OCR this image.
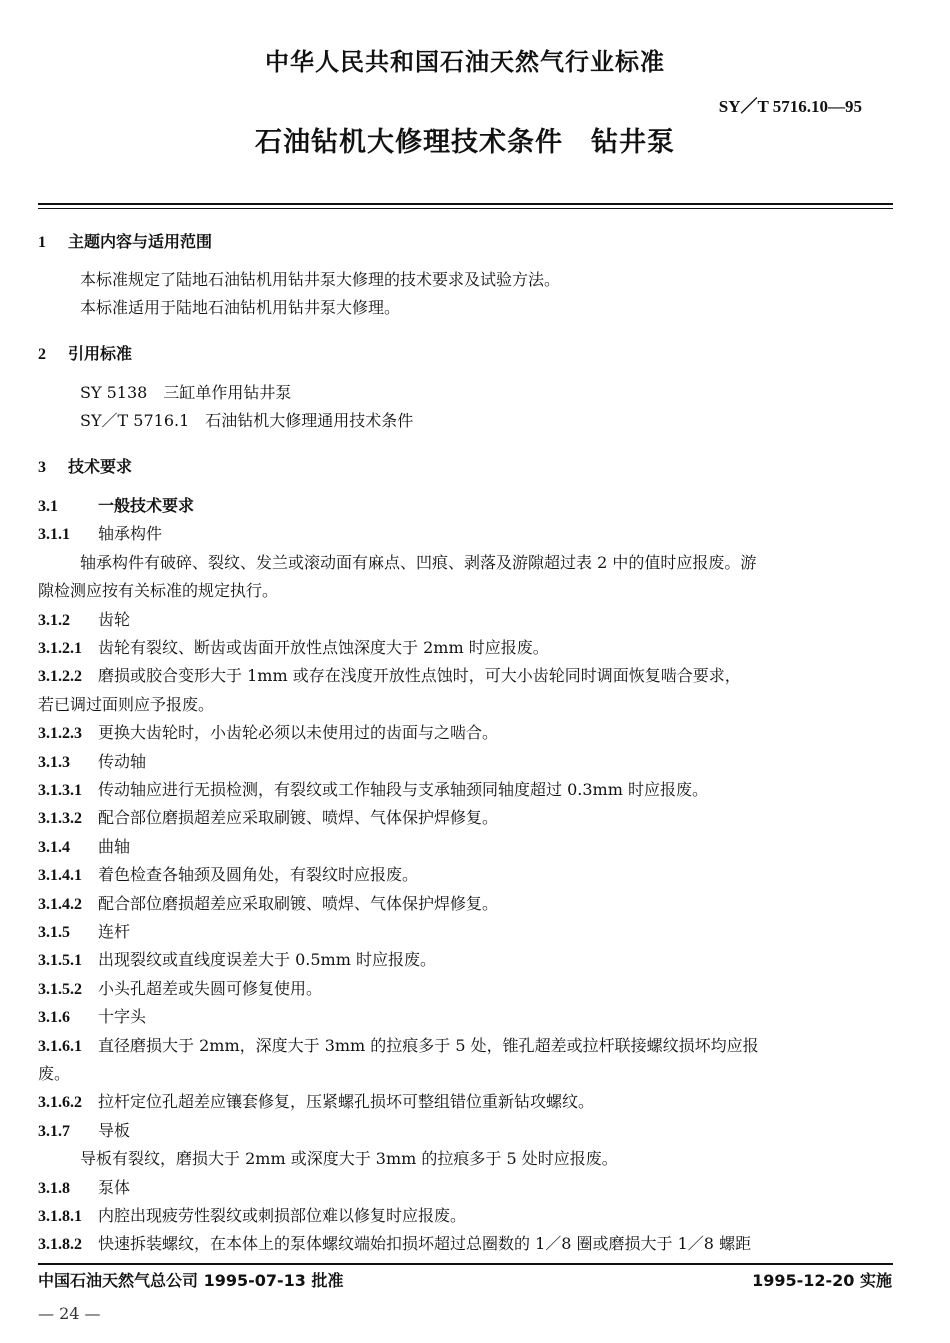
中华人民共和国石油天然气行业标准
SY／T 5716.10—95
石油钻机大修理技术条件　钻井泵
1 主题内容与适用范围
本标准规定了陆地石油钻机用钻井泵大修理的技术要求及试验方法。
本标准适用于陆地石油钻机用钻井泵大修理。
2 引用标准
SY 5138　三缸单作用钻井泵
SY／T 5716.1　石油钻机大修理通用技术条件
3 技术要求
3.1	一般技术要求
3.1.1 轴承构件
轴承构件有破碎、裂纹、发兰或滚动面有麻点、凹痕、剥落及游隙超过表 2 中的值时应报废。游
隙检测应按有关标准的规定执行。
3.1.2 齿轮
3.1.2.1 齿轮有裂纹、断齿或齿面开放性点蚀深度大于 2mm 时应报废。
3.1.2.2 磨损或胶合变形大于 1mm 或存在浅度开放性点蚀时，可大小齿轮同时调面恢复啮合要求，
若已调过面则应予报废。
3.1.2.3 更换大齿轮时，小齿轮必须以未使用过的齿面与之啮合。
3.1.3 传动轴
3.1.3.1 传动轴应进行无损检测，有裂纹或工作轴段与支承轴颈同轴度超过 0.3mm 时应报废。
3.1.3.2 配合部位磨损超差应采取刷镀、喷焊、气体保护焊修复。
3.1.4 曲轴
3.1.4.1 着色检查各轴颈及圆角处，有裂纹时应报废。
3.1.4.2 配合部位磨损超差应采取刷镀、喷焊、气体保护焊修复。
3.1.5 连杆
3.1.5.1 出现裂纹或直线度误差大于 0.5mm 时应报废。
3.1.5.2 小头孔超差或失圆可修复使用。
3.1.6 十字头
3.1.6.1 直径磨损大于 2mm，深度大于 3mm 的拉痕多于 5 处，锥孔超差或拉杆联接螺纹损坏均应报
废。
3.1.6.2 拉杆定位孔超差应镶套修复，压紧螺孔损坏可整组错位重新钻攻螺纹。
3.1.7 导板
导板有裂纹，磨损大于 2mm 或深度大于 3mm 的拉痕多于 5 处时应报废。
3.1.8 泵体
3.1.8.1 内腔出现疲劳性裂纹或刺损部位难以修复时应报废。
3.1.8.2 快速拆装螺纹，在本体上的泵体螺纹端始扣损坏超过总圈数的 1／8 圈或磨损大于 1／8 螺距
中国石油天然气总公司 1995-07-13 批准	1995-12-20 实施
— 24 —
